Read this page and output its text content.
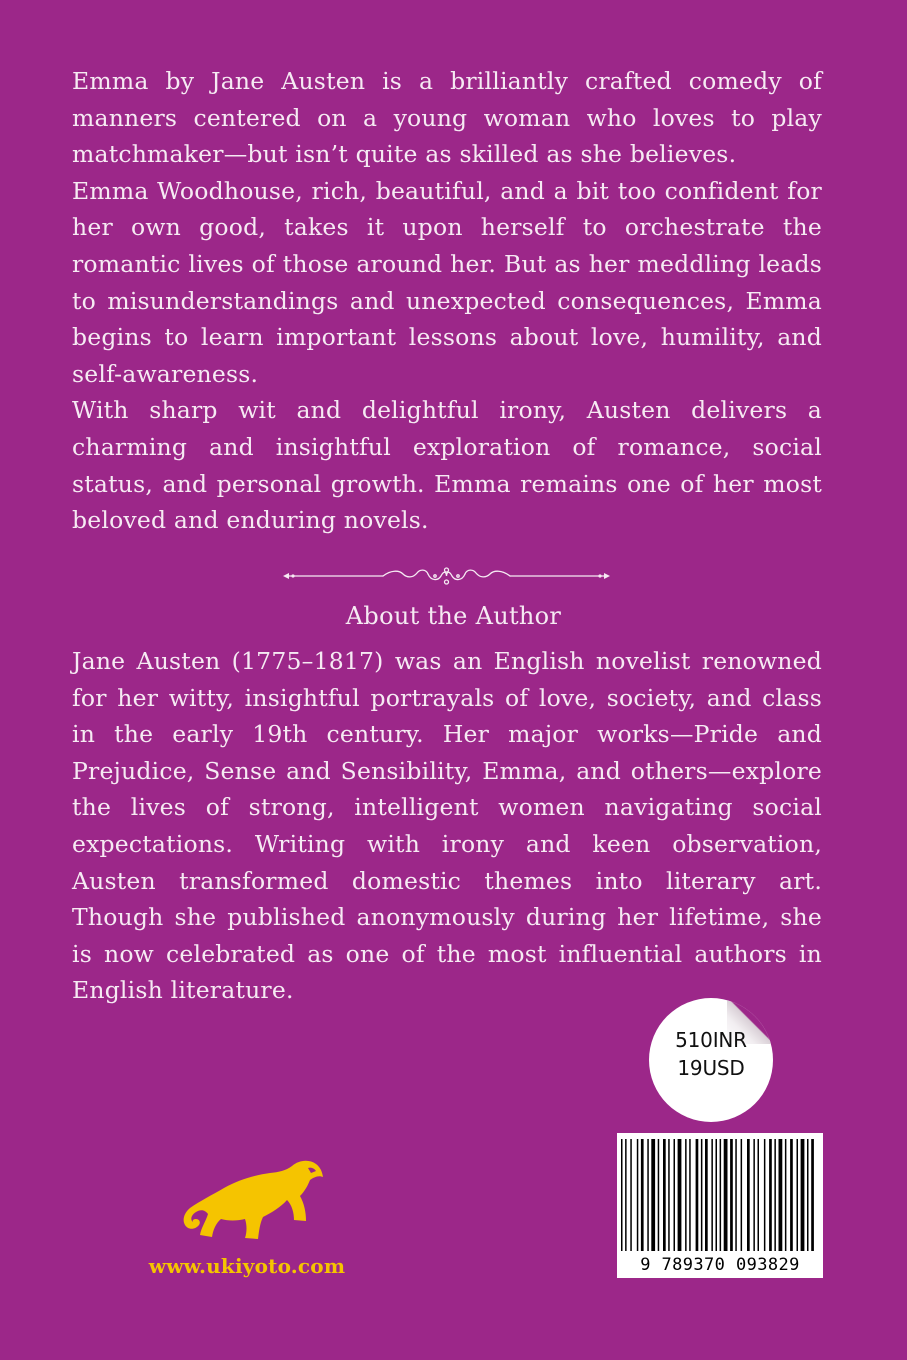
Emma by Jane Austen is a brilliantly crafted comedy of manners centered on a young woman who loves to play matchmaker—but isn’t quite as skilled as she believes.

Emma Woodhouse, rich, beautiful, and a bit too confident for her own good, takes it upon herself to orchestrate the romantic lives of those around her. But as her meddling leads to misunderstandings and unexpected consequences, Emma begins to learn important lessons about love, humility, and self-awareness.

With sharp wit and delightful irony, Austen delivers a charming and insightful exploration of romance, social status, and personal growth. Emma remains one of her most beloved and enduring novels.

About the Author

Jane Austen (1775–1817) was an English novelist renowned for her witty, insightful portrayals of love, society, and class in the early 19th century. Her major works—Pride and Prejudice, Sense and Sensibility, Emma, and others—explore the lives of strong, intelligent women navigating social expectations. Writing with irony and keen observation, Austen transformed domestic themes into literary art. Though she published anonymously during her lifetime, she is now celebrated as one of the most influential authors in English literature.

510INR
19USD
9 789370 093829
www.ukiyoto.com
